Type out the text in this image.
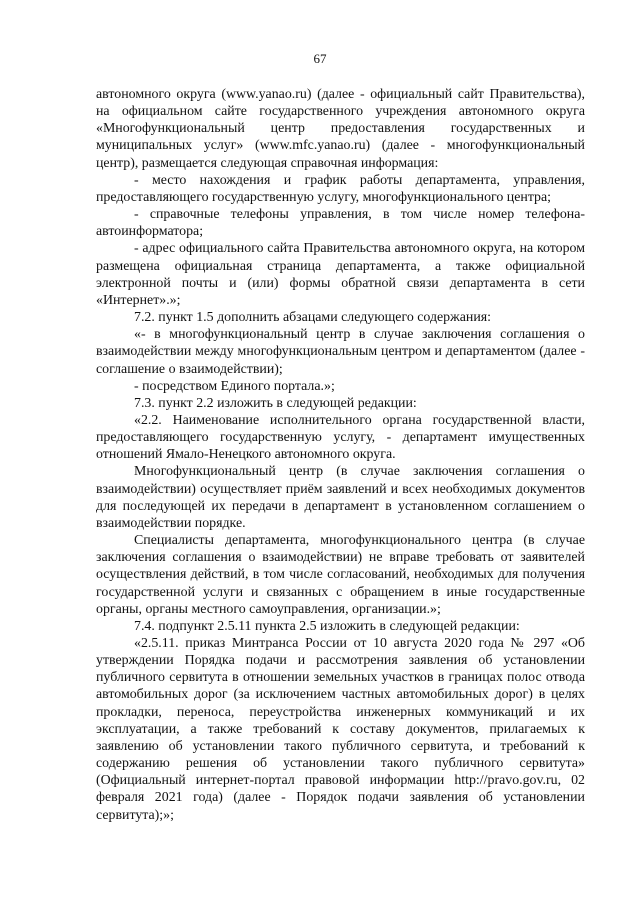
67

автономного округа (www.yanao.ru) (далее - официальный сайт Правительства), на официальном сайте государственного учреждения автономного округа «Многофункциональный центр предоставления государственных и муниципальных услуг» (www.mfc.yanao.ru) (далее - многофункциональный центр), размещается следующая справочная информация:

- место нахождения и график работы департамента, управления, предоставляющего государственную услугу, многофункционального центра;

- справочные телефоны управления, в том числе номер телефона-автоинформатора;

- адрес официального сайта Правительства автономного округа, на котором размещена официальная страница департамента, а также официальной электронной почты и (или) формы обратной связи департамента в сети «Интернет».»;

7.2. пункт 1.5 дополнить абзацами следующего содержания:

«- в многофункциональный центр в случае заключения соглашения о взаимодействии между многофункциональным центром и департаментом (далее - соглашение о взаимодействии);

- посредством Единого портала.»;

7.3. пункт 2.2 изложить в следующей редакции:

«2.2. Наименование исполнительного органа государственной власти, предоставляющего государственную услугу, - департамент имущественных отношений Ямало-Ненецкого автономного округа.

Многофункциональный центр (в случае заключения соглашения о взаимодействии) осуществляет приём заявлений и всех необходимых документов для последующей их передачи в департамент в установленном соглашением о взаимодействии порядке.

Специалисты департамента, многофункционального центра (в случае заключения соглашения о взаимодействии) не вправе требовать от заявителей осуществления действий, в том числе согласований, необходимых для получения государственной услуги и связанных с обращением в иные государственные органы, органы местного самоуправления, организации.»;

7.4. подпункт 2.5.11 пункта 2.5 изложить в следующей редакции:

«2.5.11. приказ Минтранса России от 10 августа 2020 года № 297 «Об утверждении Порядка подачи и рассмотрения заявления об установлении публичного сервитута в отношении земельных участков в границах полос отвода автомобильных дорог (за исключением частных автомобильных дорог) в целях прокладки, переноса, переустройства инженерных коммуникаций и их эксплуатации, а также требований к составу документов, прилагаемых к заявлению об установлении такого публичного сервитута, и требований к содержанию решения об установлении такого публичного сервитута» (Официальный интернет-портал правовой информации http://pravo.gov.ru, 02 февраля 2021 года) (далее - Порядок подачи заявления об установлении сервитута);»;
